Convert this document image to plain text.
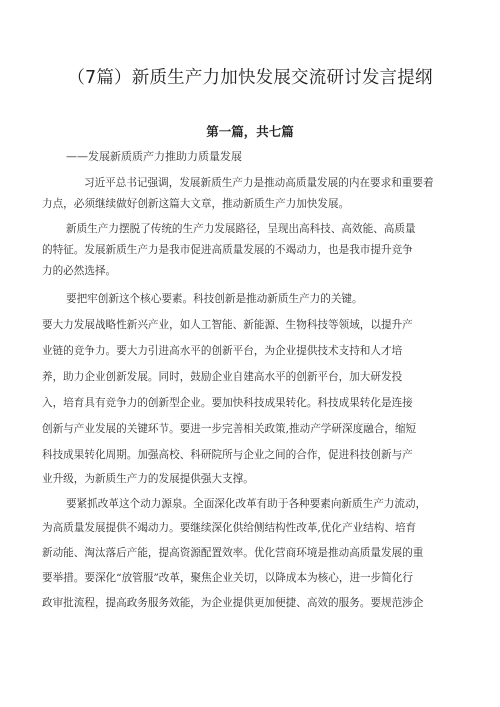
（7篇）新质生产力加快发展交流研讨发言提纲
第一篇，共七篇

——发展新质质产力推助力质量发展

习近平总书记强调，发展新质生产力是推动高质量发展的内在要求和重要着

力点，必须继续做好创新这篇大文章，推动新质生产力加快发展。

新质生产力摆脱了传统的生产力发展路径，呈现出高科技、高效能、高质量

的特征。发展新质生产力是我市促进高质量发展的不竭动力，也是我市提升竞争

力的必然选择。

要把牢创新这个核心要素。科技创新是推动新质生产力的关键。

要大力发展战略性新兴产业，如人工智能、新能源、生物科技等领域，以提升产

业链的竞争力。要大力引进高水平的创新平台，为企业提供技术支持和人才培

养，助力企业创新发展。同时，鼓励企业自建高水平的创新平台，加大研发投

入，培育具有竞争力的创新型企业。要加快科技成果转化。科技成果转化是连接

创新与产业发展的关键环节。要进一步完善相关政策,推动产学研深度融合，缩短

科技成果转化周期。加强高校、科研院所与企业之间的合作，促进科技创新与产

业升级，为新质生产力的发展提供强大支撑。

要紧抓改革这个动力源泉。全面深化改革有助于各种要素向新质生产力流动，

为高质量发展提供不竭动力。要继续深化供给侧结构性改革,优化产业结构、培育

新动能、淘汰落后产能，提高资源配置效率。优化营商环境是推动高质量发展的重

要举措。要深化“放管服”改革，聚焦企业关切，以降成本为核心，进一步简化行

政审批流程，提高政务服务效能，为企业提供更加便捷、高效的服务。要规范涉企
